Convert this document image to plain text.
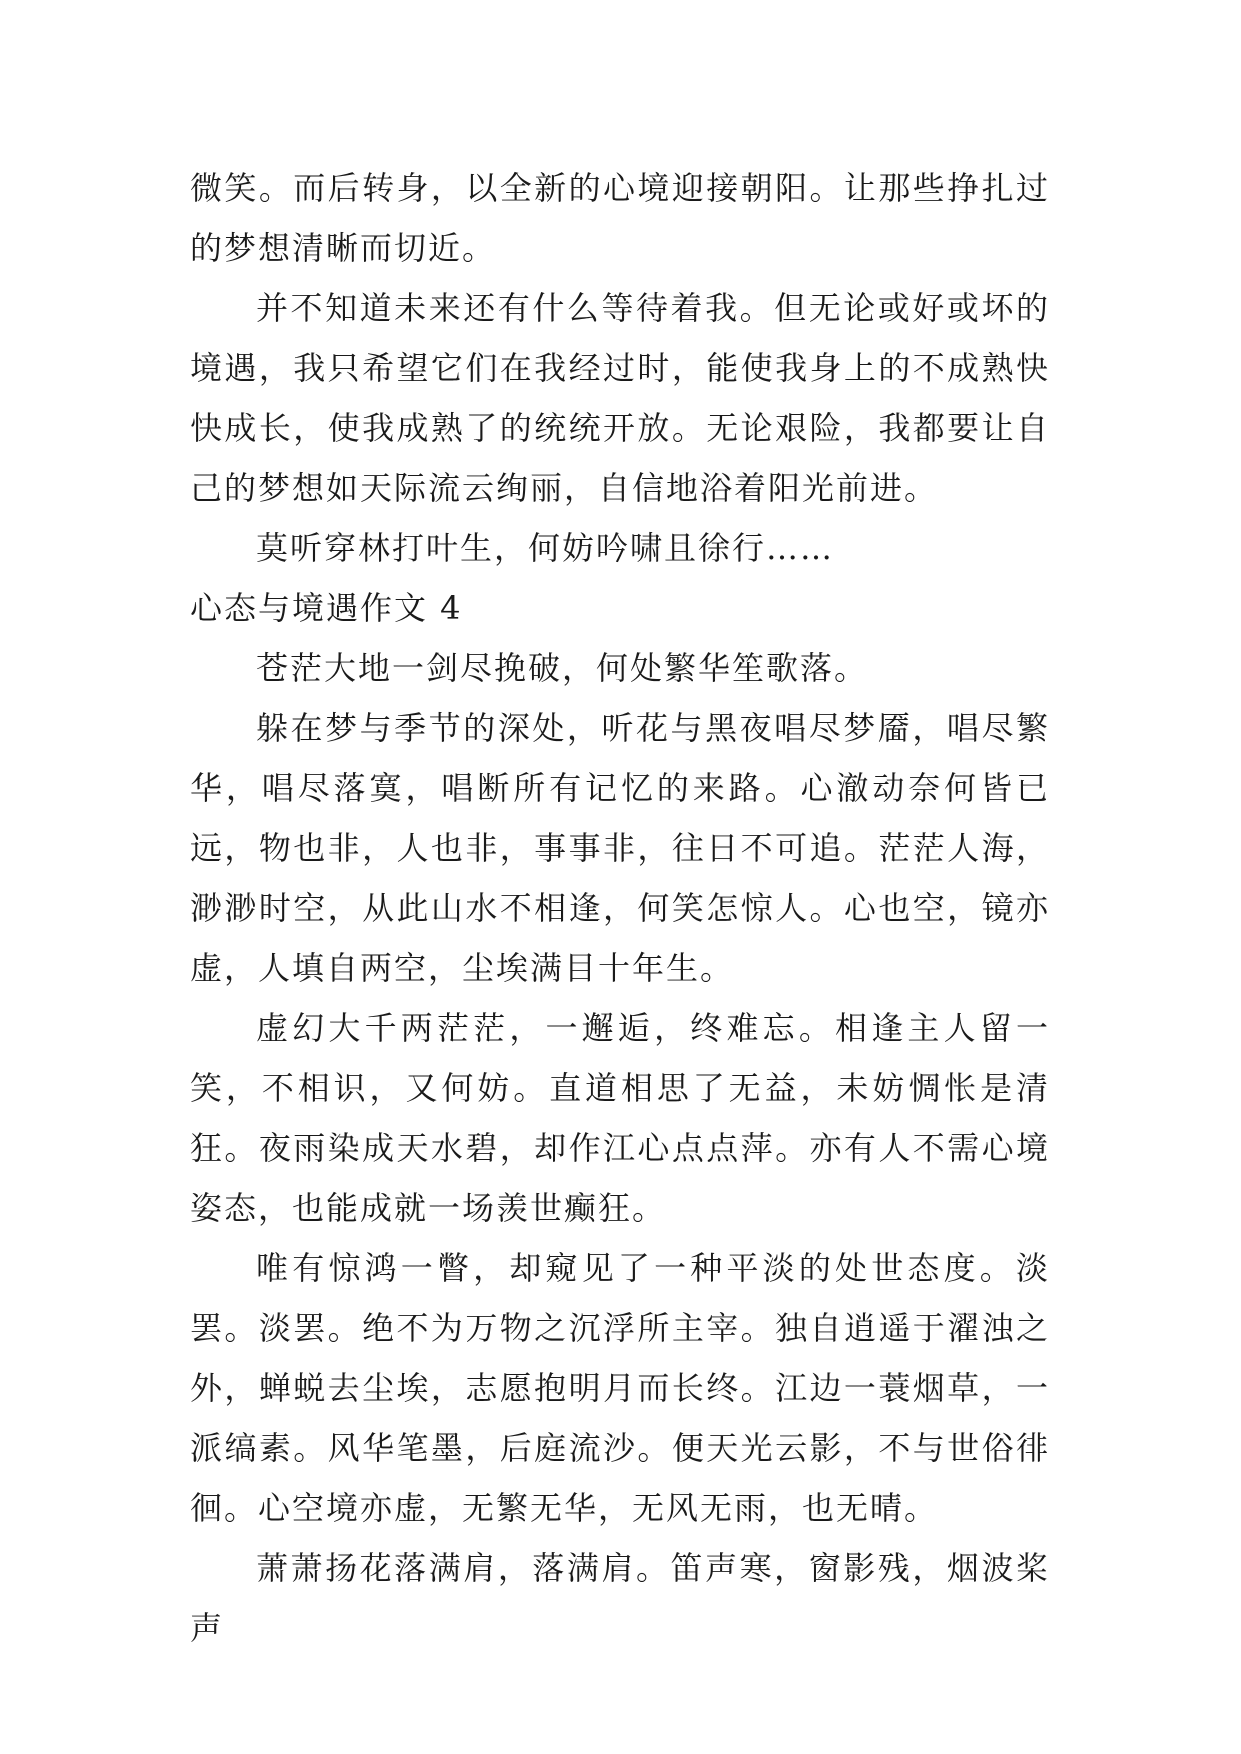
微笑。而后转身，以全新的心境迎接朝阳。让那些挣扎过的梦想清晰而切近。

并不知道未来还有什么等待着我。但无论或好或坏的境遇，我只希望它们在我经过时，能使我身上的不成熟快快成长，使我成熟了的统统开放。无论艰险，我都要让自己的梦想如天际流云绚丽，自信地浴着阳光前进。

莫听穿林打叶生，何妨吟啸且徐行……

心态与境遇作文 4

苍茫大地一剑尽挽破，何处繁华笙歌落。

躲在梦与季节的深处，听花与黑夜唱尽梦靥，唱尽繁华，唱尽落寞，唱断所有记忆的来路。心澈动奈何皆已远，物也非，人也非，事事非，往日不可追。茫茫人海，渺渺时空，从此山水不相逢，何笑怎惊人。心也空，镜亦虚，人填自两空，尘埃满目十年生。

虚幻大千两茫茫，一邂逅，终难忘。相逢主人留一笑，不相识，又何妨。直道相思了无益，未妨惆怅是清狂。夜雨染成天水碧，却作江心点点萍。亦有人不需心境姿态，也能成就一场羡世癫狂。

唯有惊鸿一瞥，却窥见了一种平淡的处世态度。淡罢。淡罢。绝不为万物之沉浮所主宰。独自逍遥于濯浊之外，蝉蜕去尘埃，志愿抱明月而长终。江边一蓑烟草，一派缟素。风华笔墨，后庭流沙。便天光云影，不与世俗徘徊。心空境亦虚，无繁无华，无风无雨，也无晴。

萧萧扬花落满肩，落满肩。笛声寒，窗影残，烟波桨声
